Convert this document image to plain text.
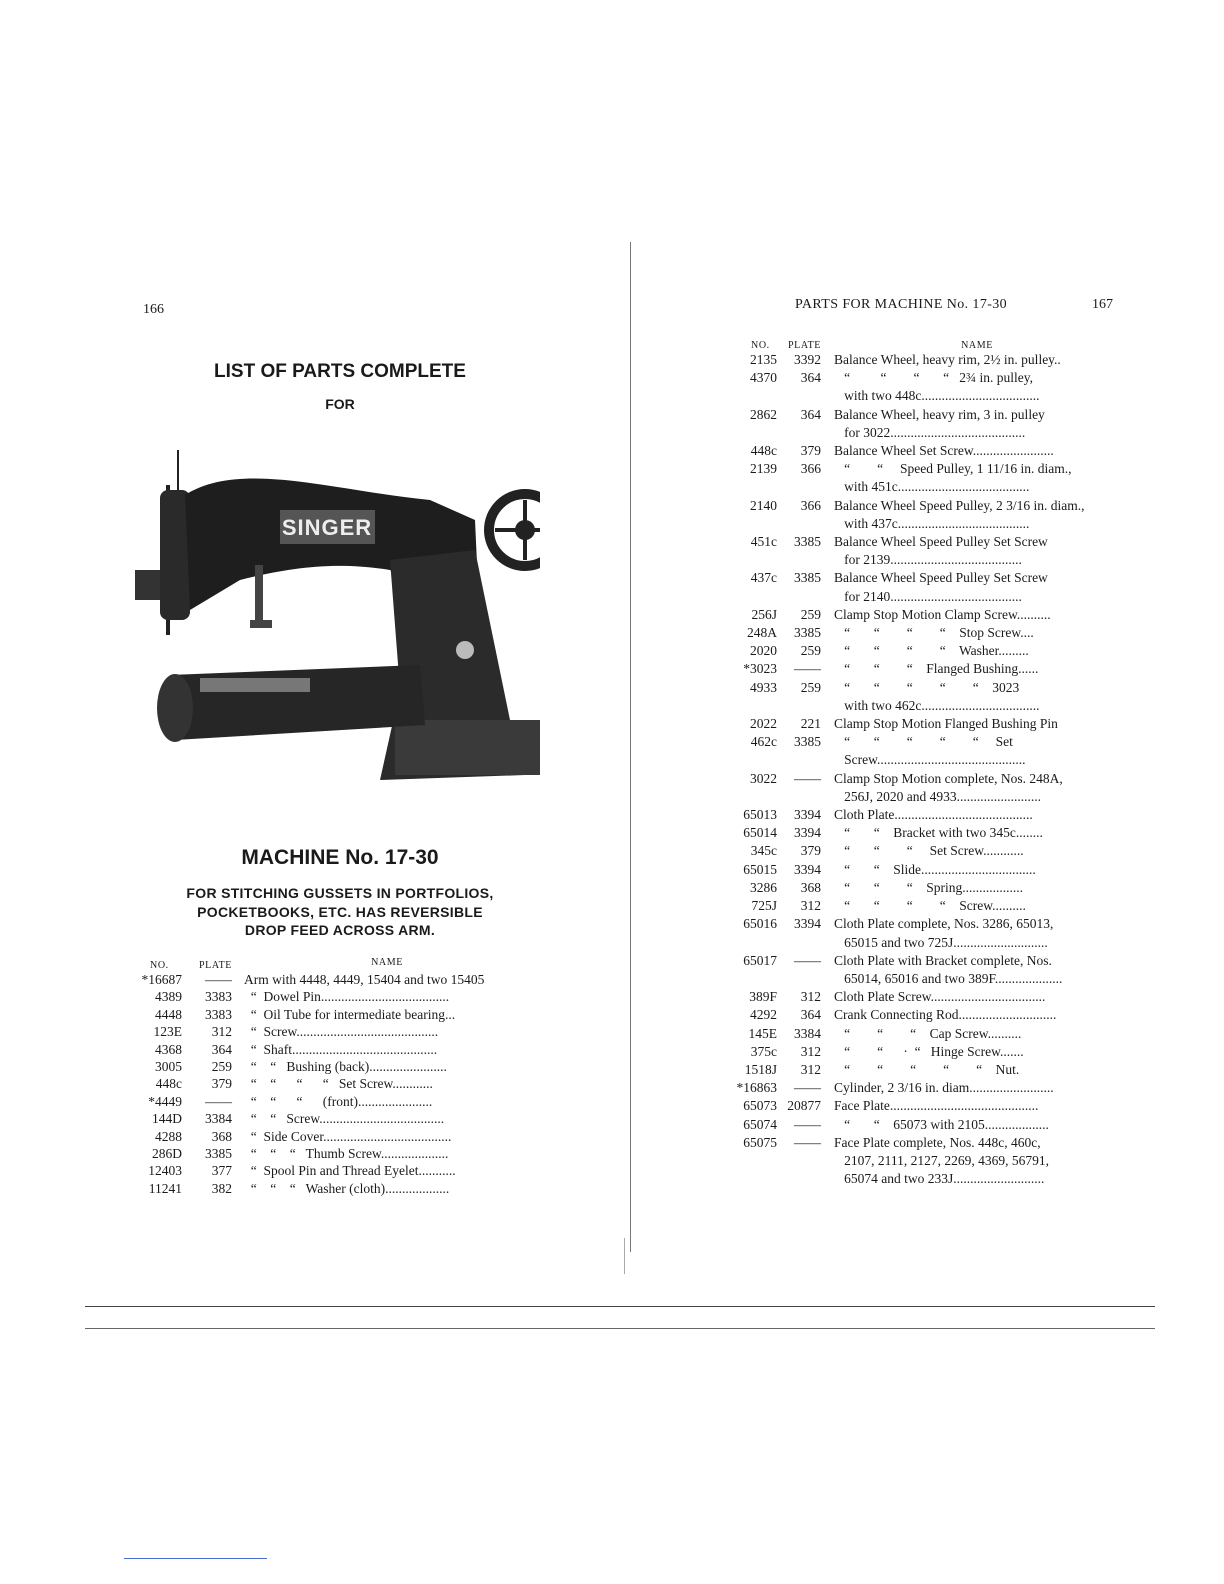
166
LIST OF PARTS COMPLETE
FOR
SINGER
MACHINE No. 17-30
FOR STITCHING GUSSETS IN PORTFOLIOS,
POCKETBOOKS, ETC. HAS REVERSIBLE
DROP FEED ACROSS ARM.
NO.	PLATE	NAME
*16687	—— Arm with 4448, 4449, 15404 and two 15405
4389	3383 “  Dowel Pin......................................
4448	3383 “  Oil Tube for intermediate bearing...
123E	312 “  Screw..........................................
4368	364 “  Shaft...........................................
3005	259 “    “   Bushing (back).......................
448c	379 “    “      “      “   Set Screw............
*4449	—— “    “      “      (front)......................
144D	3384 “    “   Screw.....................................
4288	368 “  Side Cover......................................
286D	3385 “    “    “   Thumb Screw....................
12403	377 “  Spool Pin and Thread Eyelet...........
11241	382 “    “    “   Washer (cloth)...................
PARTS FOR MACHINE No. 17-30	167
NO.	PLATE	NAME
2135	3392 Balance Wheel, heavy rim, 2½ in. pulley..
4370	364 “         “        “       “   2¾ in. pulley,
with two 448c...................................
2862	364 Balance Wheel, heavy rim, 3 in. pulley
for 3022........................................
448c	379 Balance Wheel Set Screw........................
2139	366 “        “     Speed Pulley, 1 11/16 in. diam.,
with 451c.......................................
2140	366 Balance Wheel Speed Pulley, 2 3/16 in. diam.,
with 437c.......................................
451c	3385 Balance Wheel Speed Pulley Set Screw
for 2139.......................................
437c	3385 Balance Wheel Speed Pulley Set Screw
for 2140.......................................
256J	259 Clamp Stop Motion Clamp Screw..........
248A	3385 “       “        “        “    Stop Screw....
2020	259 “       “        “        “    Washer.........
*3023	—— “       “        “    Flanged Bushing......
4933	259 “       “        “        “        “    3023
with two 462c...................................
2022	221 Clamp Stop Motion Flanged Bushing Pin
462c	3385 “       “        “        “        “     Set
Screw............................................
3022	—— Clamp Stop Motion complete, Nos. 248A,
256J, 2020 and 4933.........................
65013	3394 Cloth Plate.........................................
65014	3394 “       “    Bracket with two 345c........
345c	379 “       “        “     Set Screw............
65015	3394 “       “    Slide..................................
3286	368 “       “        “    Spring..................
725J	312 “       “        “        “    Screw..........
65016	3394 Cloth Plate complete, Nos. 3286, 65013,
65015 and two 725J............................
65017	—— Cloth Plate with Bracket complete, Nos.
65014, 65016 and two 389F....................
389F	312 Cloth Plate Screw..................................
4292	364 Crank Connecting Rod.............................
145E	3384 “        “        “    Cap Screw..........
375c	312 “        “      ·  “   Hinge Screw.......
1518J	312 “        “        “        “        “    Nut.
*16863	—— Cylinder, 2 3/16 in. diam.........................
65073 20877 Face Plate............................................
65074	—— “       “    65073 with 2105...................
65075	—— Face Plate complete, Nos. 448c, 460c,
2107, 2111, 2127, 2269, 4369, 56791,
65074 and two 233J...........................
